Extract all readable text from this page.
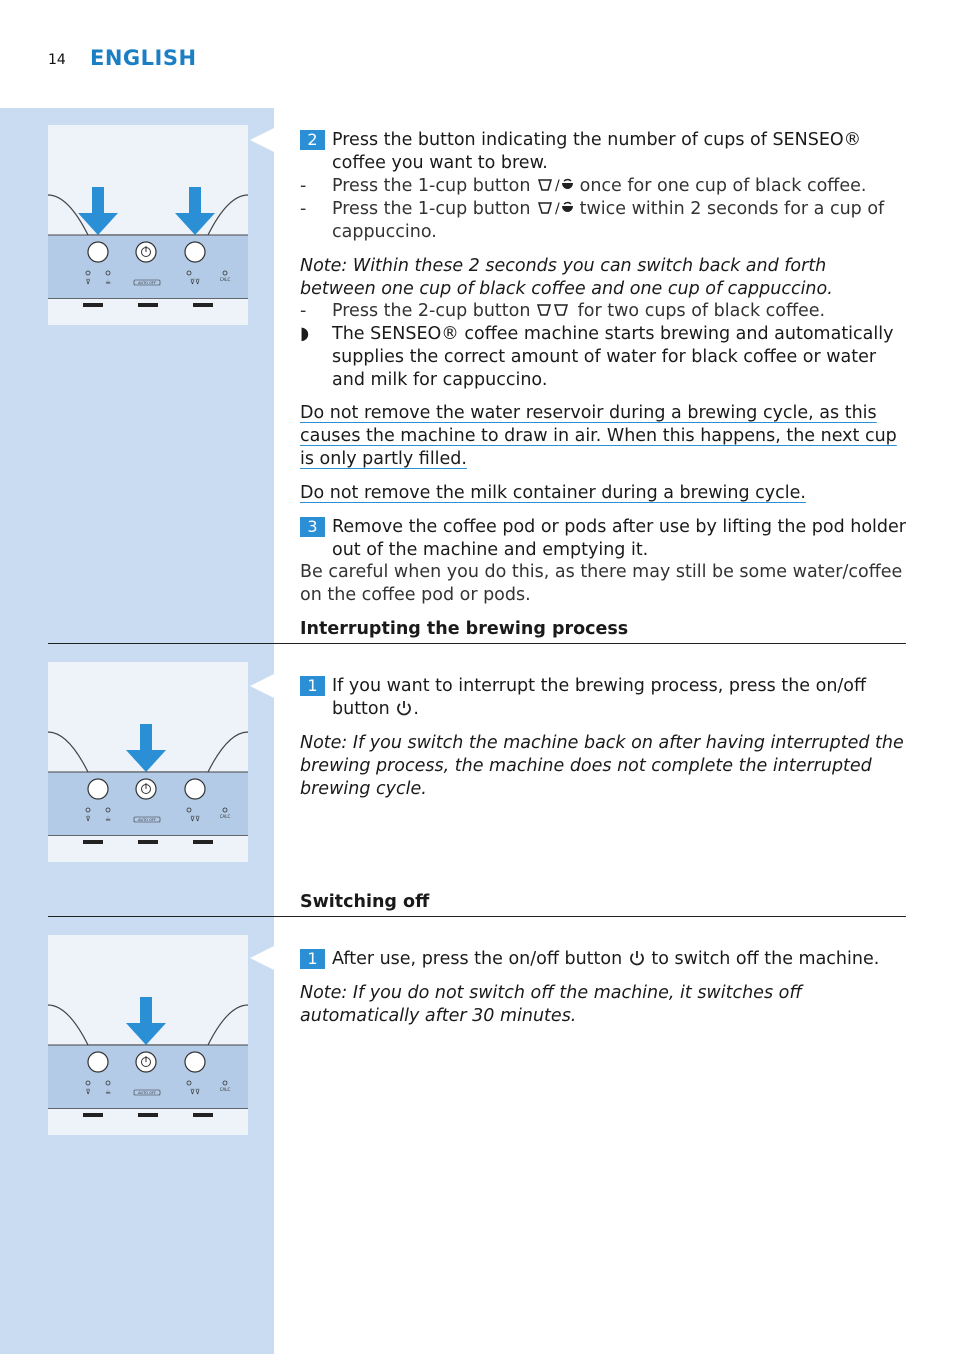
14 ENGLISH
⊽ ☕	⊽⊽
AUTO OFF
CALC
⊽ ☕	⊽⊽
AUTO OFF
CALC
⊽ ☕	⊽⊽
AUTO OFF
CALC
2 Press the button indicating the number of cups of SENSEO® coffee you want to brew.
- Press the 1-cup button / once for one cup of black coffee.
- Press the 1-cup button / twice within 2 seconds for a cup of cappuccino.
Note: Within these 2 seconds you can switch back and forth between one cup of black coffee and one cup of cappuccino.
- Press the 2-cup button	for two cups of black coffee.
◗ The SENSEO® coffee machine starts brewing and automatically supplies the correct amount of water for black coffee or water and milk for cappuccino.
Do not remove the water reservoir during a brewing cycle, as this causes the machine to draw in air. When this happens, the next cup is only partly filled.
Do not remove the milk container during a brewing cycle.
3 Remove the coffee pod or pods after use by lifting the pod holder out of the machine and emptying it.
Be careful when you do this, as there may still be some water/coffee on the coffee pod or pods.
Interrupting the brewing process
1 If you want to interrupt the brewing process, press the on/off button .
Note: If you switch the machine back on after having interrupted the brewing process, the machine does not complete the interrupted brewing cycle.
Switching off
1 After use, press the on/off button to switch off the machine.
Note: If you do not switch off the machine, it switches off automatically after 30 minutes.
